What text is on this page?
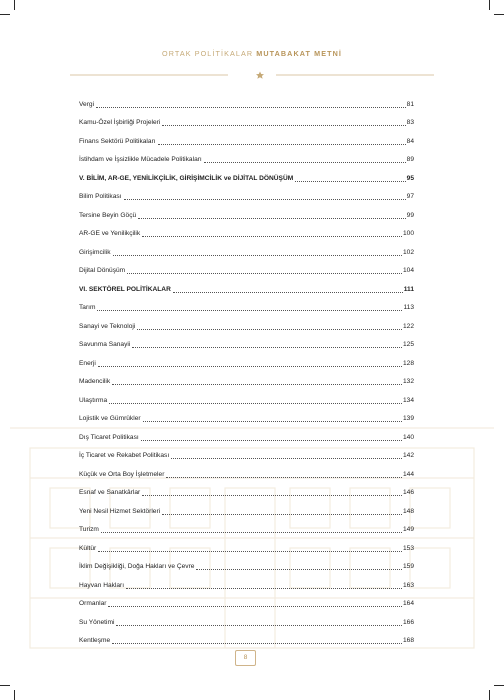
ORTAK POLİTİKALAR MUTABAKAT METNİ
Vergi	81
Kamu-Özel İşbirliği Projeleri	83
Finans Sektörü Politikaları	84
İstihdam ve İşsizlikle Mücadele Politikaları	89
V. BİLİM, AR-GE, YENİLİKÇİLİK, GİRİŞİMCİLİK ve DİJİTAL DÖNÜŞÜM	95
Bilim Politikası	97
Tersine Beyin Göçü	99
AR-GE ve Yenilikçilik	100
Girişimcilik	102
Dijital Dönüşüm	104
VI. SEKTÖREL POLİTİKALAR	111
Tarım	113
Sanayi ve Teknoloji	122
Savunma Sanayii	125
Enerji	128
Madencilik	132
Ulaştırma	134
Lojistik ve Gümrükler	139
Dış Ticaret Politikası	140
İç Ticaret ve Rekabet Politikası	142
Küçük ve Orta Boy İşletmeler	144
Esnaf ve Sanatkârlar	146
Yeni Nesil Hizmet Sektörleri	148
Turizm	149
Kültür	153
İklim Değişikliği, Doğa Hakları ve Çevre	159
Hayvan Hakları	163
Ormanlar	164
Su Yönetimi	166
Kentleşme	168
8
